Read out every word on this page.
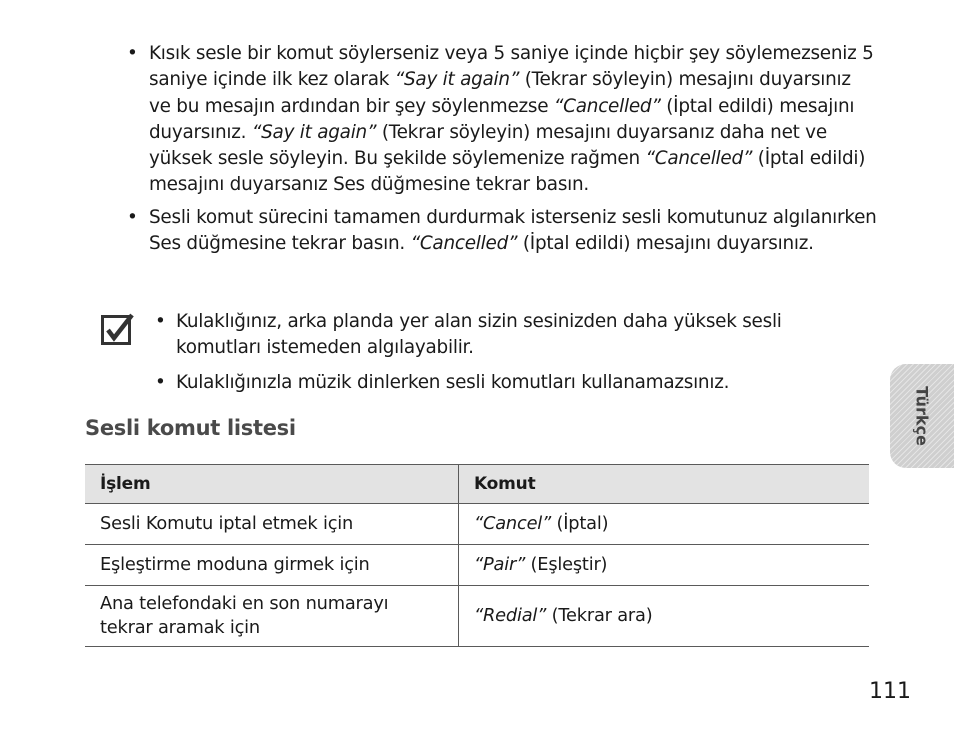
• Kısık sesle bir komut söylerseniz veya 5 saniye içinde hiçbir şey söylemezseniz 5 saniye içinde ilk kez olarak “Say it again” (Tekrar söyleyin) mesajını duyarsınız ve bu mesajın ardından bir şey söylenmezse “Cancelled” (İptal edildi) mesajını duyarsınız. “Say it again” (Tekrar söyleyin) mesajını duyarsanız daha net ve yüksek sesle söyleyin. Bu şekilde söylemenize rağmen “Cancelled” (İptal edildi) mesajını duyarsanız Ses düğmesine tekrar basın.
• Sesli komut sürecini tamamen durdurmak isterseniz sesli komutunuz algılanırken Ses düğmesine tekrar basın. “Cancelled” (İptal edildi) mesajını duyarsınız.
• Kulaklığınız, arka planda yer alan sizin sesinizden daha yüksek sesli komutları istemeden algılayabilir.
• Kulaklığınızla müzik dinlerken sesli komutları kullanamazsınız.
Sesli komut listesi
İşlem	Komut
Sesli Komutu iptal etmek için	“Cancel” (İptal)
Eşleştirme moduna girmek için	“Pair” (Eşleştir)
Ana telefondaki en son numarayı tekrar aramak için	“Redial” (Tekrar ara)
Türkçe
111
